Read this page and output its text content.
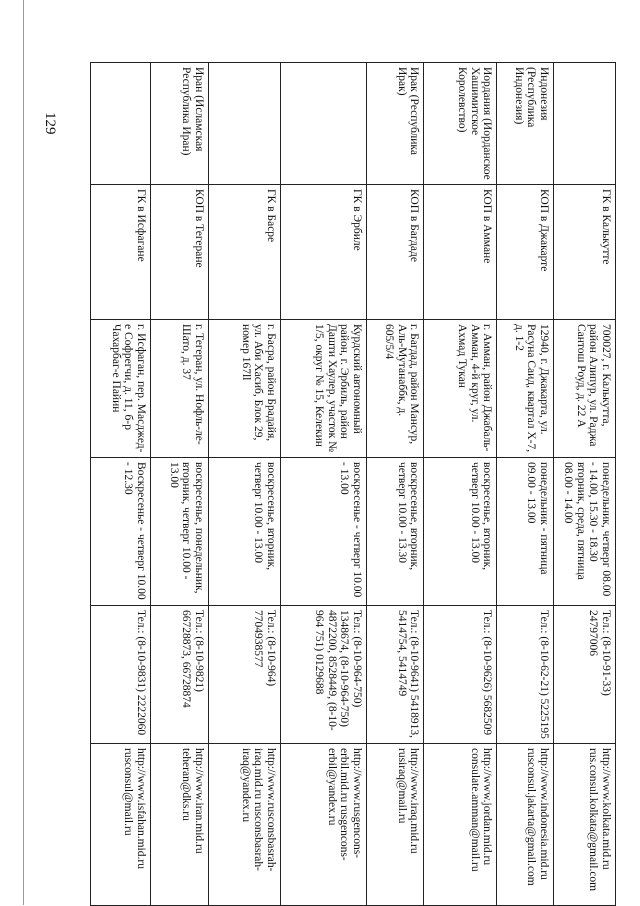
129
	ГК в Калькутте	700027, г. Калькутта, район Алипур, ул. Раджа Сантош Роуд, д. 22 А	понедельник, четверг 08.00 - 14.00, 15.30 - 18.30 вторник, среда, пятница 08.00 - 14.00	Тел.: (8-10-91-33) 24797006	http://www.kolkata.mid.ru rus.consul.kolkata@gmail.com
Индонезия (Республика Индонезия)	КОП в Джакарте	12940, г. Джакарта, ул. Расуна Саид, квартал Х-7, д. 1-2	понедельник - пятница 09.00 - 13.00	Тел.: (8-10-62-21) 5225195	http://www.indonesia.mid.ru rusconsul.jakarta@gmail.com
Иордания (Иорданское Хашимитское Королевство)	КОП в Аммане	г. Амман, район Джабаль-Амман, 4-й круг, ул. Ахмад Тукан	воскресенье, вторник, четверг 10.00 - 13.00	Тел.: (8-10-9626) 5682509	http://www.jordan.mid.ru consulate.amman@mail.ru
Ирак (Республика Ирак)	КОП в Багдаде	г. Багдад, район Мансур, Аль-Мутанаббк, д. 605/5/4	воскресенье, вторник, четверг 10.00 - 13.30	Тел.: (8-10-9641) 5418913, 5414754, 5414749	http://www.iraq.mid.ru rusiraq@mail.ru
	ГК в Эрбиле	Курдский автономный район, г. Эрбиль, район Дашти Хаулер, участок № 1/5, округ № 15, Келекин	воскресенье - четверг 10.00 - 13.00	Тел.: (8-10-964-750) 1348674, (8-10-964-750) 4872200, 8528449, (8-10-964 751) 0129688	http://www.rusgencons-erbil.mid.ru rusgencons-erbil@yandex.ru
	ГК в Басре	г. Басра, район Брадайя, ул. Аби Хасиб, Блок 29, номер 167ll	воскресенье, вторник, четверг 10.00 - 13.00	Тел.: (8-10-964) 7704938577	http://www.rusconsbasrah-iraq.mid.ru rusconsbasrah-iraq@yandex.ru
Иран (Исламская Республика Иран)	КОП в Тегеране	г. Тегеран, ул. Нофль-ле-Шато, д. 37	воскресенье, понедельник, вторник, четверг 10.00 - 13.00	Тел.: (8-10-9821) 66728873, 66728874	http://www.iran.mid.ru teheran@dks.ru
	ГК в Исфагане	г. Исфаган, пер. Масджед-е Софрегчи, д. 11, б-р Чахарбаг-е Пайин	Воскресенье - четверг 10.00 - 12.30	Тел.: (8-10-9831) 2222060	http://www.isfahan.mid.ru rusconsul@mail.ru
